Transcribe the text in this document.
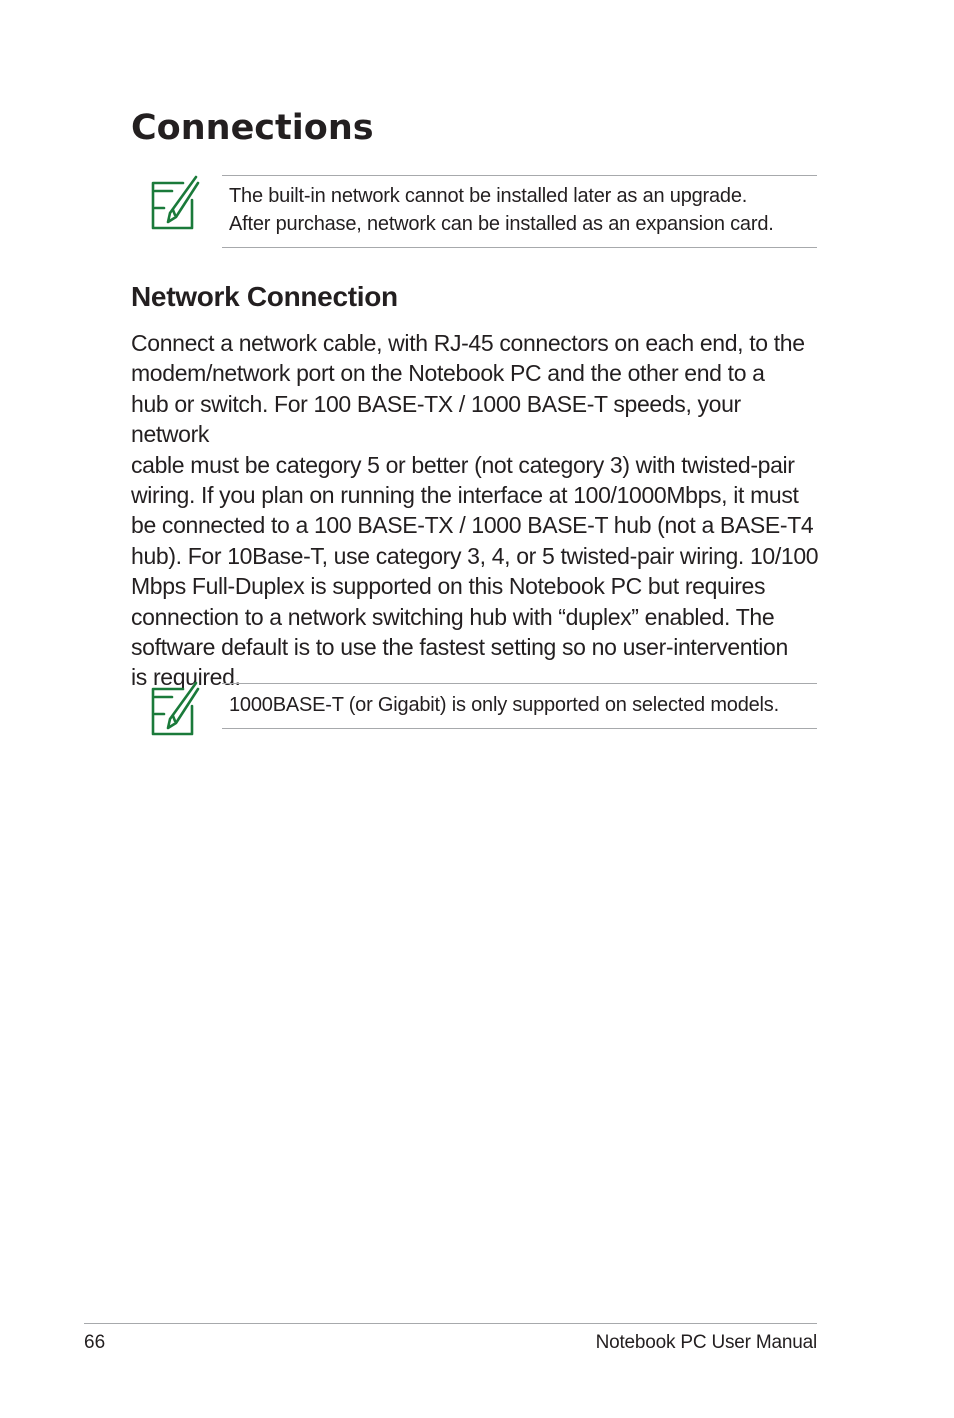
Connections

The built-in network cannot be installed later as an upgrade.
After purchase, network can be installed as an expansion card.

Network Connection

Connect a network cable, with RJ-45 connectors on each end, to the
modem/network port on the Notebook PC and the other end to a
hub or switch. For 100 BASE-TX / 1000 BASE-T speeds, your network
cable must be category 5 or better (not category 3) with twisted-pair
wiring. If you plan on running the interface at 100/1000Mbps, it must
be connected to a 100 BASE-TX / 1000 BASE-T hub (not a BASE-T4
hub). For 10Base-T, use category 3, 4, or 5 twisted-pair wiring. 10/100
Mbps Full-Duplex is supported on this Notebook PC but requires
connection to a network switching hub with “duplex” enabled. The
software default is to use the fastest setting so no user-intervention
is required.

1000BASE-T (or Gigabit) is only supported on selected models.

66	Notebook PC User Manual
